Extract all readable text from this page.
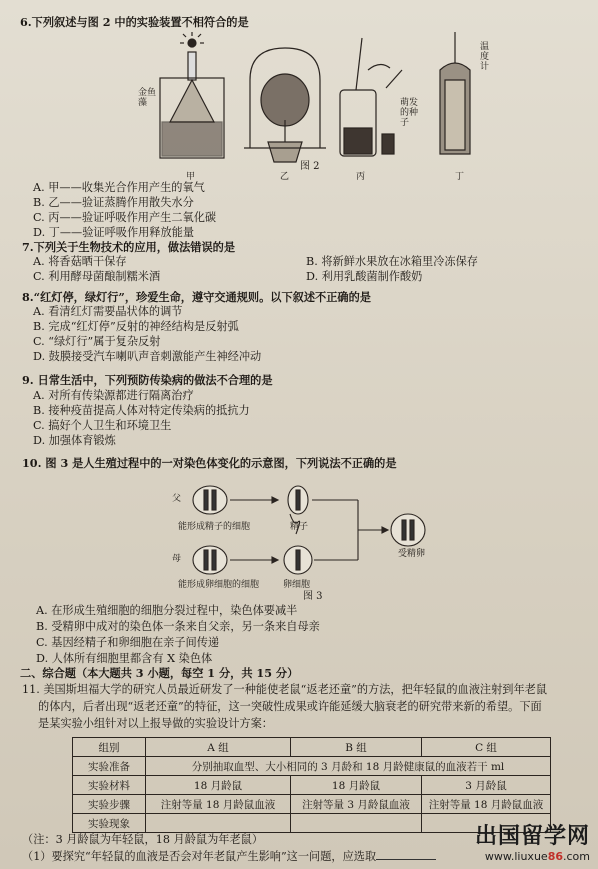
6.下列叙述与图 2 中的实验装置不相符合的是
金鱼藻
甲	乙	丙	丁
萌发的种子
温度计
图 2
A. 甲——收集光合作用产生的氧气
B. 乙——验证蒸腾作用散失水分
C. 丙——验证呼吸作用产生二氧化碳
D. 丁——验证呼吸作用释放能量
7.下列关于生物技术的应用，做法错误的是
A. 将香菇晒干保存	B. 将新鲜水果放在冰箱里冷冻保存
C. 利用酵母菌酿制糯米酒	D. 利用乳酸菌制作酸奶
8.“红灯停，绿灯行”，珍爱生命，遵守交通规则。以下叙述不正确的是
A. 看清红灯需要晶状体的调节
B. 完成“红灯停”反射的神经结构是反射弧
C. “绿灯行”属于复杂反射
D. 鼓膜接受汽车喇叭声音刺激能产生神经冲动
9. 日常生活中，下列预防传染病的做法不合理的是
A. 对所有传染源都进行隔离治疗
B. 接种疫苗提高人体对特定传染病的抵抗力
C. 搞好个人卫生和环境卫生
D. 加强体育锻炼
10. 图 3 是人生殖过程中的一对染色体变化的示意图，下列说法不正确的是
父
母
能形成精子的细胞
能形成卵细胞的细胞
精子
卵细胞
受精卵
图 3
A. 在形成生殖细胞的细胞分裂过程中，染色体要减半
B. 受精卵中成对的染色体一条来自父亲，另一条来自母亲
C. 基因经精子和卵细胞在亲子间传递
D. 人体所有细胞里都含有 X 染色体
二、综合题（本大题共 3 小题，每空 1 分，共 15 分）
11. 美国斯坦福大学的研究人员最近研发了一种能使老鼠“返老还童”的方法，把年轻鼠的血液注射到年老鼠
的体内，后者出现“返老还童”的特征，这一突破性成果或许能延缓大脑衰老的研究带来新的希望。下面
是某实验小组针对以上报导做的实验设计方案：
组别	A 组	B 组	C 组
实验准备	分别抽取血型、大小相同的 3 月龄和 18 月龄健康鼠的血液若干 ml		
实验材料	18 月龄鼠	18 月龄鼠	3 月龄鼠
实验步骤	注射等量 18 月龄鼠血液	注射等量 3 月龄鼠血液	注射等量 18 月龄鼠血液
实验现象			
（注：3 月龄鼠为年轻鼠，18 月龄鼠为年老鼠）
（1）要探究“年轻鼠的血液是否会对年老鼠产生影响”这一问题，应选取
出国留学网
www.liuxue86.com
